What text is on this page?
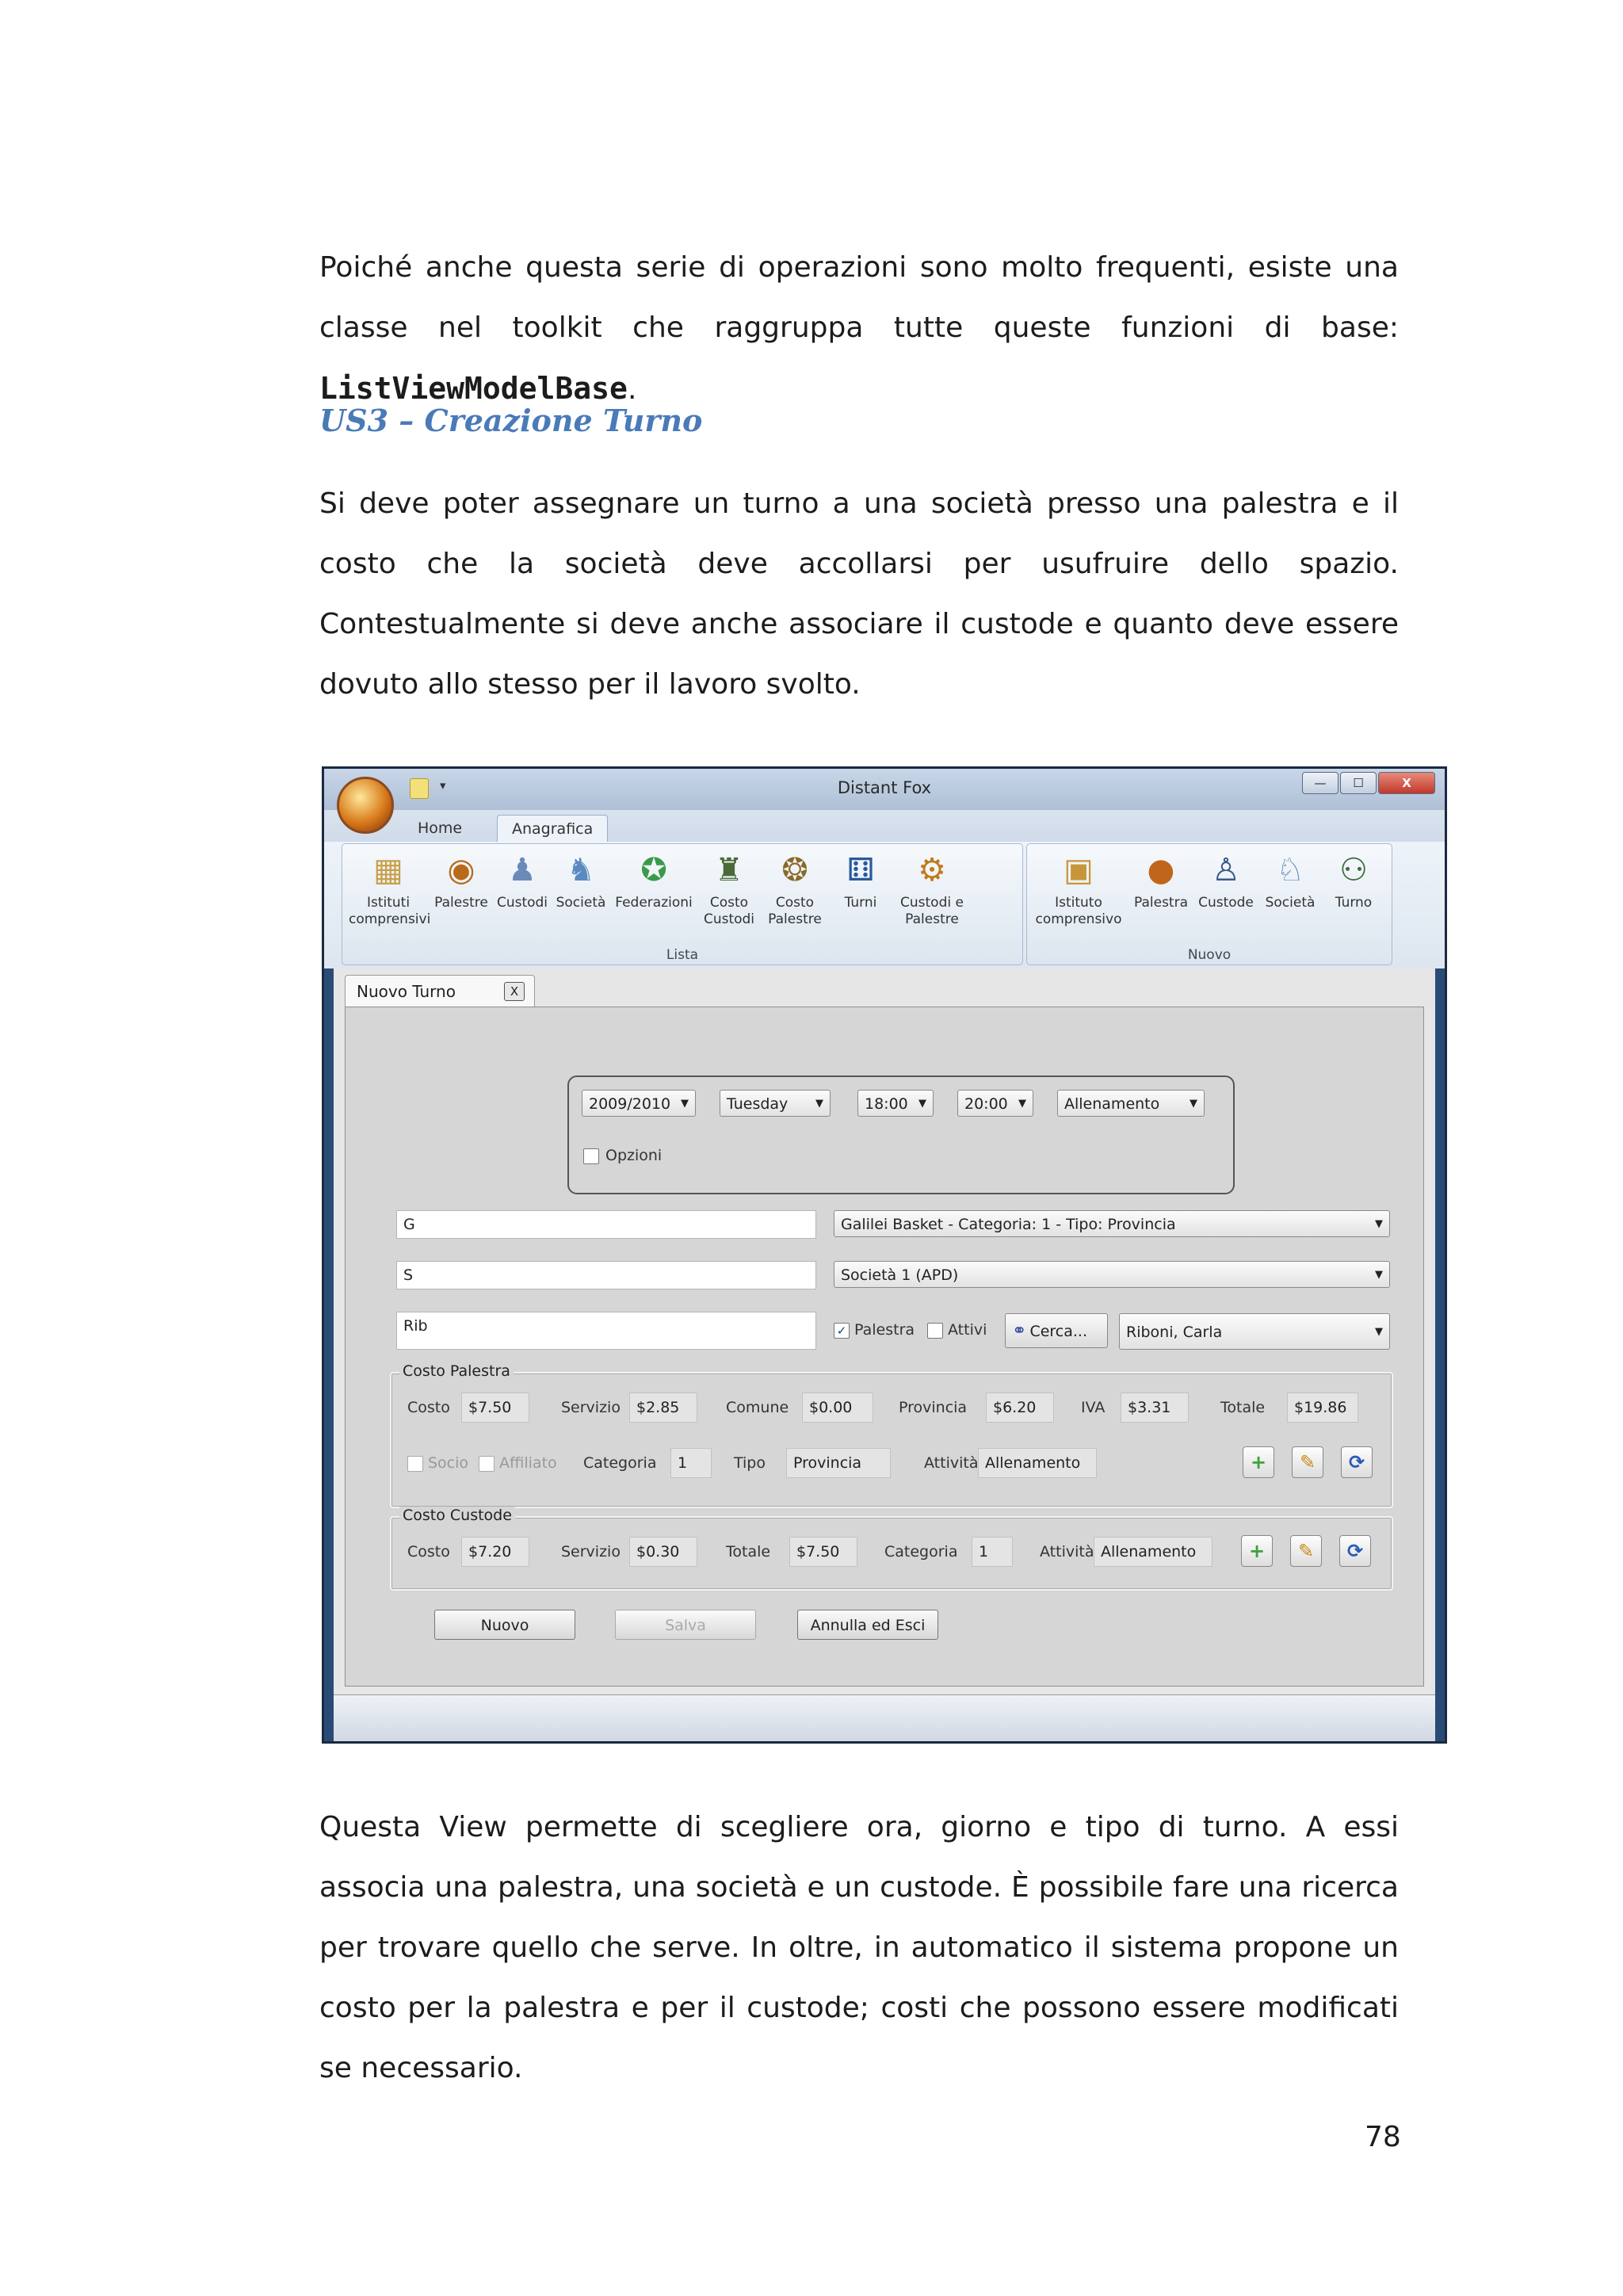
Poiché anche questa serie di operazioni sono molto frequenti, esiste una classe nel toolkit che raggruppa tutte queste funzioni di base: ListViewModelBase.

US3 – Creazione Turno

Si deve poter assegnare un turno a una società presso una palestra e il costo che la società deve accollarsi per usufruire dello spazio. Contestualmente si deve anche associare il custode e quanto deve essere dovuto allo stesso per il lavoro svolto.

▾	Distant Fox	—	☐	X
Home	Anagrafica
▦
Istituti
comprensivi
◉
Palestre
♟
Custodi
♞
Società
✪
Federazioni
♜
Costo
Custodi
❂
Costo
Palestre
⚅
Turni
⚙
Custodi e
Palestre
Lista
▣
Istituto
comprensivo
●
Palestra
♙
Custode
♘
Società
⚇
Turno
Nuovo
Nuovo Turno	X
2009/2010 ▼	Tuesday	▼	18:00 ▼	20:00 ▼	Allenamento	▼
Opzioni
G	Galilei Basket - Categoria: 1 - Tipo: Provincia	▼
S	Società 1 (APD)	▼
Rib	✓ Palestra Attivi	⚭ Cerca...	Riboni, Carla	▼
Costo Palestra
Costo	$7.50	Servizio	$2.85	Comune	$0.00	Provincia	$6.20	IVA	$3.31	Totale	$19.86
Socio Affiliato Categoria	1	Tipo	Provincia	Attività Allenamento	+	✎	⟳
Costo Custode
Costo	$7.20	Servizio	$0.30	Totale	$7.50	Categoria	1	Attività Allenamento	+	✎	⟳
Nuovo	Salva	Annulla ed Esci

Questa View permette di scegliere ora, giorno e tipo di turno. A essi associa una palestra, una società e un custode. È possibile fare una ricerca per trovare quello che serve. In oltre, in automatico il sistema propone un costo per la palestra e per il custode; costi che possono essere modificati se necessario.

78
